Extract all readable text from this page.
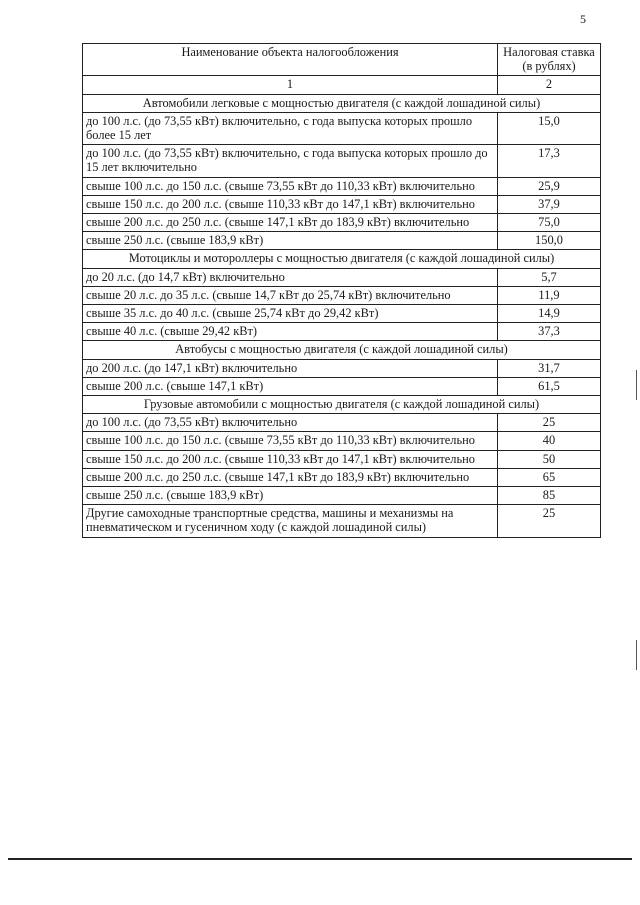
5
Наименование объекта налогообложения	Налоговая ставка (в рублях)
1	2
Автомобили легковые с мощностью двигателя (с каждой лошадиной силы)	
до 100 л.с. (до 73,55 кВт) включительно, с года выпуска которых прошло более 15 лет	15,0
до 100 л.с. (до 73,55 кВт) включительно, с года выпуска которых прошло до 15 лет включительно	17,3
свыше 100 л.с. до 150 л.с. (свыше 73,55 кВт до 110,33 кВт) включительно	25,9
свыше 150 л.с. до 200 л.с. (свыше 110,33 кВт до 147,1 кВт) включительно	37,9
свыше 200 л.с. до 250 л.с. (свыше 147,1 кВт до 183,9 кВт) включительно	75,0
свыше 250 л.с. (свыше 183,9 кВт)	150,0
Мотоциклы и мотороллеры с мощностью двигателя (с каждой лошадиной силы)	
до 20 л.с. (до 14,7 кВт) включительно	5,7
свыше 20 л.с. до 35 л.с. (свыше 14,7 кВт до 25,74 кВт) включительно	11,9
свыше 35 л.с. до 40 л.с. (свыше 25,74 кВт до 29,42 кВт)	14,9
свыше 40 л.с. (свыше 29,42 кВт)	37,3
Автобусы с мощностью двигателя (с каждой лошадиной силы)	
до 200 л.с. (до 147,1 кВт) включительно	31,7
свыше 200 л.с. (свыше 147,1 кВт)	61,5
Грузовые автомобили с мощностью двигателя (с каждой лошадиной силы)	
до 100 л.с. (до 73,55 кВт) включительно	25
свыше 100 л.с. до 150 л.с. (свыше 73,55 кВт до 110,33 кВт) включительно	40
свыше 150 л.с. до 200 л.с. (свыше 110,33 кВт до 147,1 кВт) включительно	50
свыше 200 л.с. до 250 л.с. (свыше 147,1 кВт до 183,9 кВт) включительно	65
свыше 250 л.с. (свыше 183,9 кВт)	85
Другие самоходные транспортные средства, машины и механизмы на пневматическом и гусеничном ходу (с каждой лошадиной силы)	25
